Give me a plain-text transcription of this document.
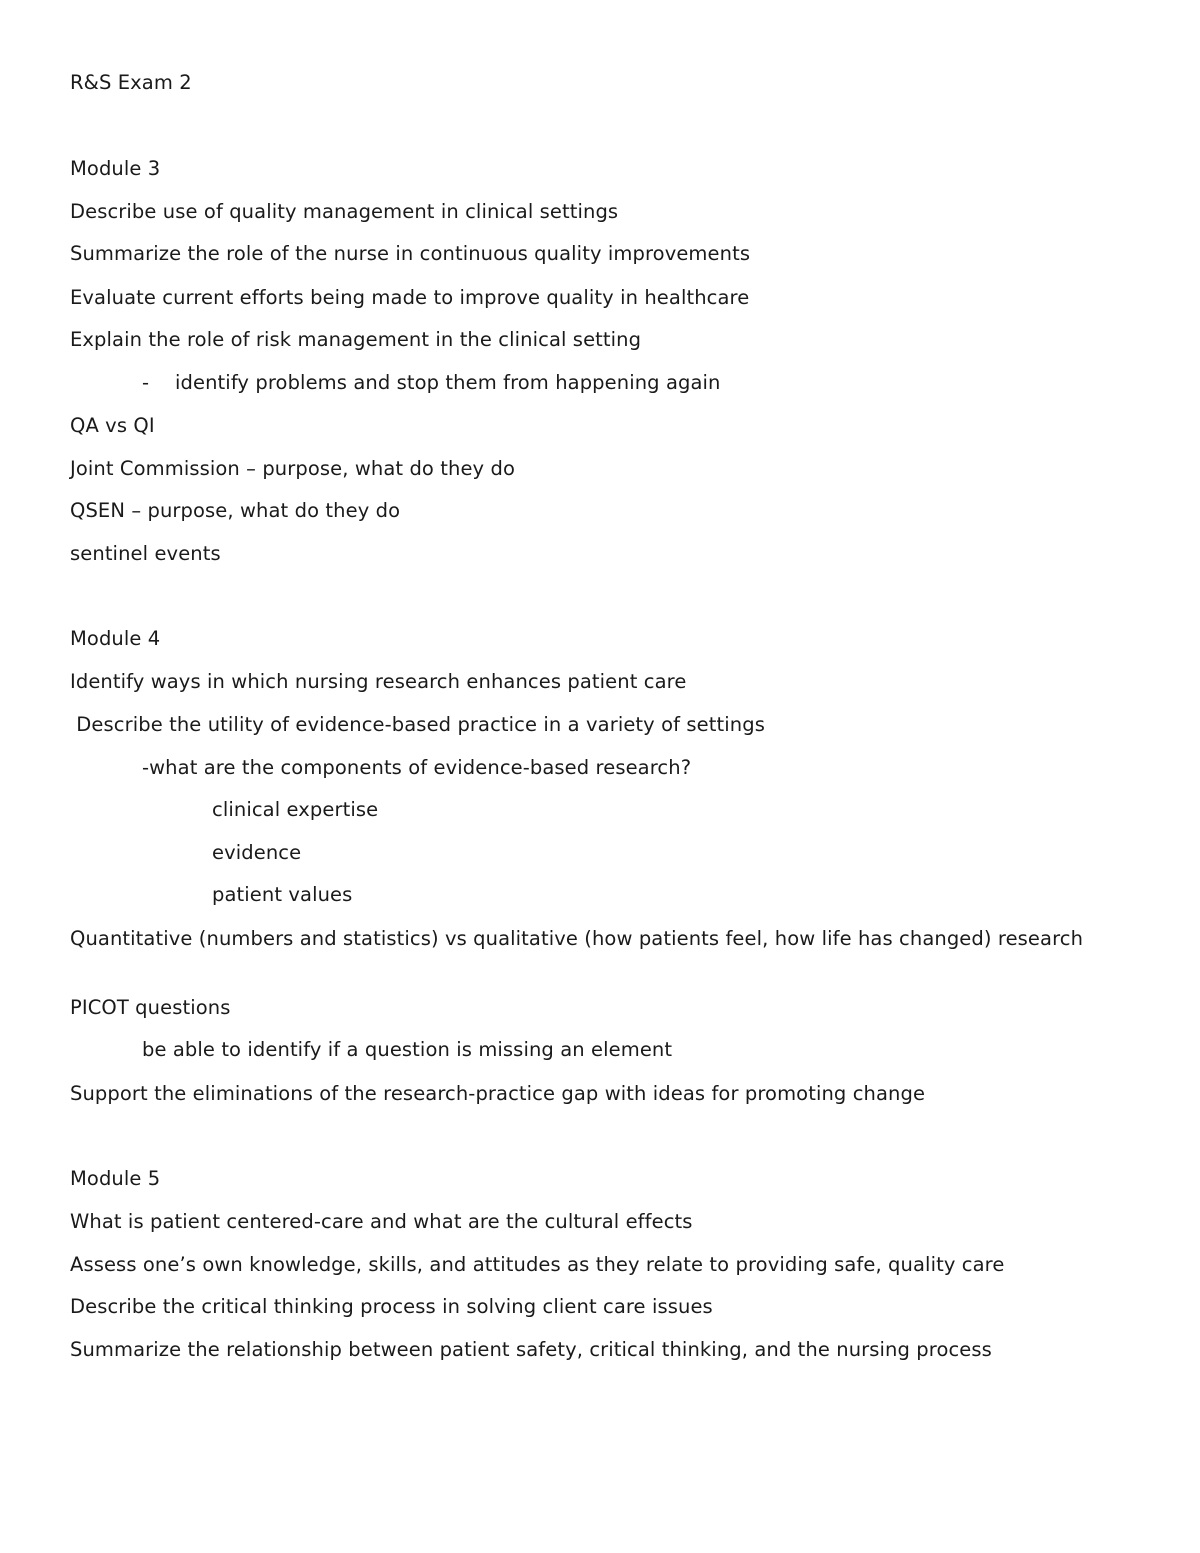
R&S Exam 2
Module 3
Describe use of quality management in clinical settings
Summarize the role of the nurse in continuous quality improvements
Evaluate current efforts being made to improve quality in healthcare
Explain the role of risk management in the clinical setting
- identify problems and stop them from happening again
QA vs QI
Joint Commission – purpose, what do they do
QSEN – purpose, what do they do
sentinel events
Module 4
Identify ways in which nursing research enhances patient care
Describe the utility of evidence-based practice in a variety of settings
-what are the components of evidence-based research?
clinical expertise
evidence
patient values
Quantitative (numbers and statistics) vs qualitative (how patients feel, how life has changed) research
PICOT questions
be able to identify if a question is missing an element
Support the eliminations of the research-practice gap with ideas for promoting change
Module 5
What is patient centered-care and what are the cultural effects
Assess one’s own knowledge, skills, and attitudes as they relate to providing safe, quality care
Describe the critical thinking process in solving client care issues
Summarize the relationship between patient safety, critical thinking, and the nursing process
